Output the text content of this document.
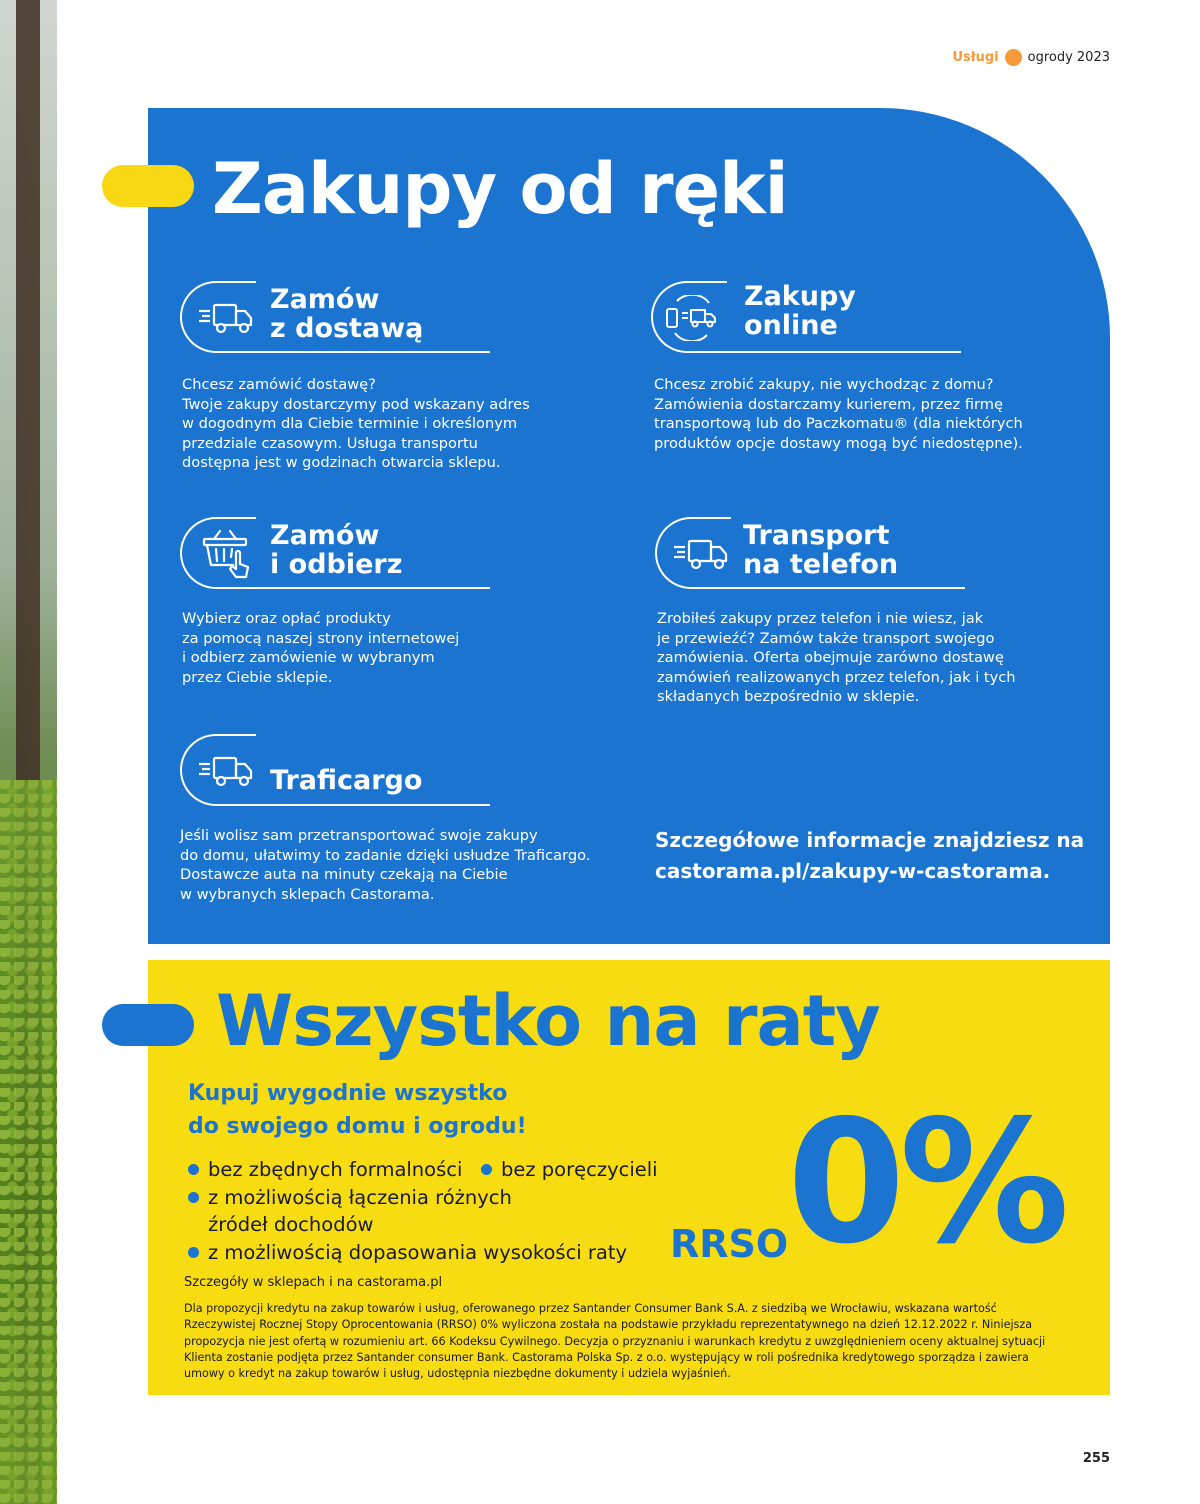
Usługi ogrody 2023
Zakupy od ręki
Zamów
z dostawą
Chcesz zamówić dostawę?
Twoje zakupy dostarczymy pod wskazany adres
w dogodnym dla Ciebie terminie i określonym
przedziale czasowym. Usługa transportu
dostępna jest w godzinach otwarcia sklepu.
Zakupy
online
Chcesz zrobić zakupy, nie wychodząc z domu?
Zamówienia dostarczamy kurierem, przez firmę
transportową lub do Paczkomatu® (dla niektórych
produktów opcje dostawy mogą być niedostępne).
Zamów
i odbierz
Wybierz oraz opłać produkty
za pomocą naszej strony internetowej
i odbierz zamówienie w wybranym
przez Ciebie sklepie.
Transport
na telefon
Zrobiłeś zakupy przez telefon i nie wiesz, jak
je przewieźć? Zamów także transport swojego
zamówienia. Oferta obejmuje zarówno dostawę
zamówień realizowanych przez telefon, jak i tych
składanych bezpośrednio w sklepie.
Traficargo
Jeśli wolisz sam przetransportować swoje zakupy
do domu, ułatwimy to zadanie dzięki usłudze Traficargo.
Dostawcze auta na minuty czekają na Ciebie
w wybranych sklepach Castorama.
Szczegółowe informacje znajdziesz na
castorama.pl/zakupy-w-castorama.
Wszystko na raty
Kupuj wygodnie wszystko
do swojego domu i ogrodu!
bez zbędnych formalności	bez poręczycieli
z możliwością łączenia różnych
źródeł dochodów
z możliwością dopasowania wysokości raty RRSO
0%
Szczegóły w sklepach i na castorama.pl
Dla propozycji kredytu na zakup towarów i usług, oferowanego przez Santander Consumer Bank S.A. z siedzibą we Wrocławiu, wskazana wartość Rzeczywistej Rocznej Stopy Oprocentowania (RRSO) 0% wyliczona została na podstawie przykładu reprezentatywnego na dzień 12.12.2022 r. Niniejsza propozycja nie jest ofertą w rozumieniu art. 66 Kodeksu Cywilnego. Decyzja o przyznaniu i warunkach kredytu z uwzględnieniem oceny aktualnej sytuacji Klienta zostanie podjęta przez Santander consumer Bank. Castorama Polska Sp. z o.o. występujący w roli pośrednika kredytowego sporządza i zawiera umowy o kredyt na zakup towarów i usług, udostępnia niezbędne dokumenty i udziela wyjaśnień.
255
